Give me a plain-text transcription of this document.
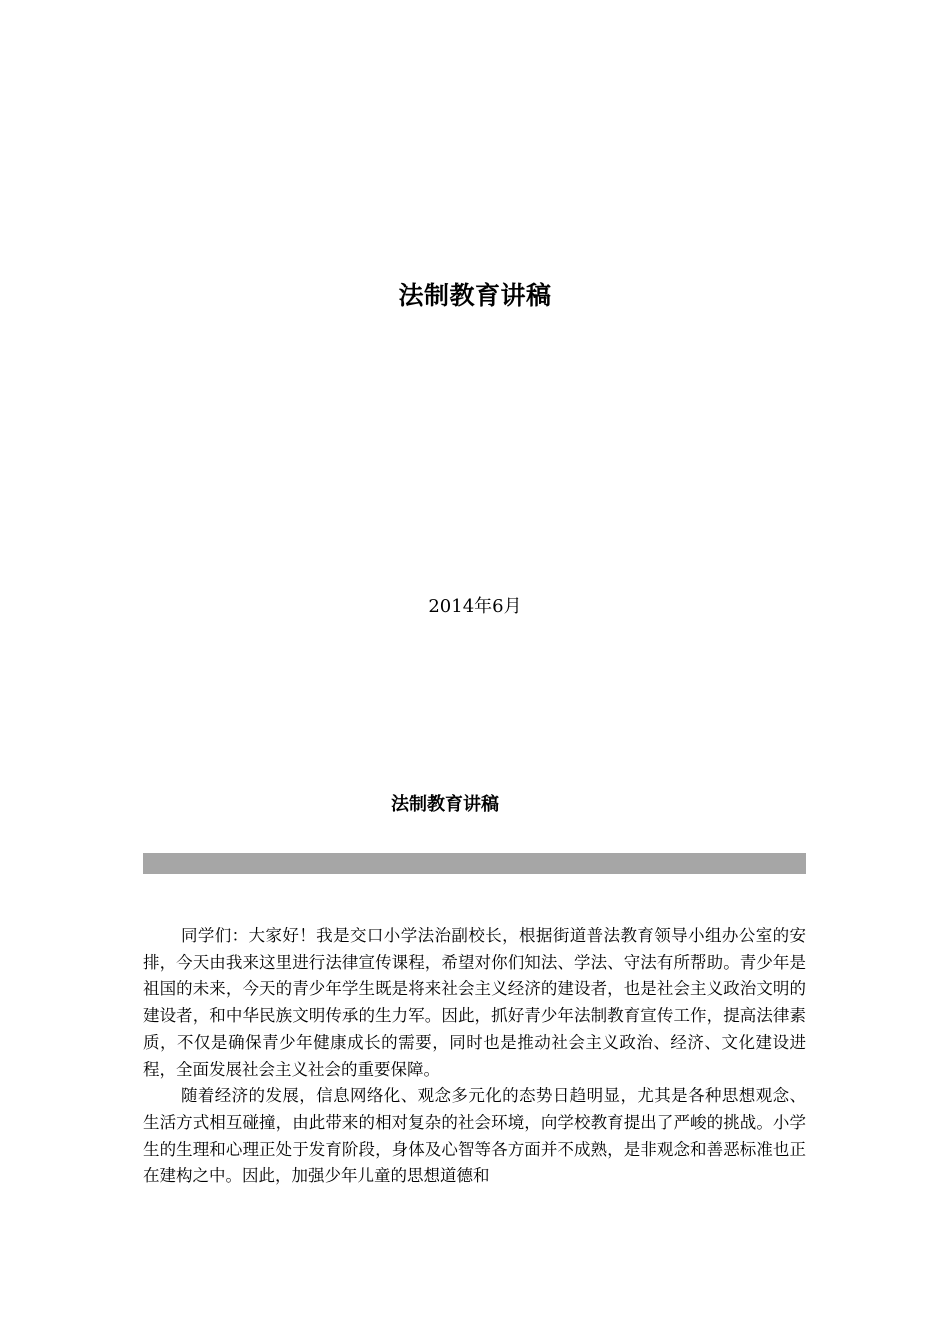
法制教育讲稿
2014年6月
法制教育讲稿

同学们：大家好！我是交口小学法治副校长，根据街道普法教育领导小组办公室的安排，今天由我来这里进行法律宣传课程，希望对你们知法、学法、守法有所帮助。青少年是祖国的未来，今天的青少年学生既是将来社会主义经济的建设者，也是社会主义政治文明的建设者，和中华民族文明传承的生力军。因此，抓好青少年法制教育宣传工作，提高法律素质，不仅是确保青少年健康成长的需要，同时也是推动社会主义政治、经济、文化建设进程，全面发展社会主义社会的重要保障。

随着经济的发展，信息网络化、观念多元化的态势日趋明显，尤其是各种思想观念、生活方式相互碰撞，由此带来的相对复杂的社会环境，向学校教育提出了严峻的挑战。小学生的生理和心理正处于发育阶段，身体及心智等各方面并不成熟，是非观念和善恶标准也正在建构之中。因此，加强少年儿童的思想道德和
